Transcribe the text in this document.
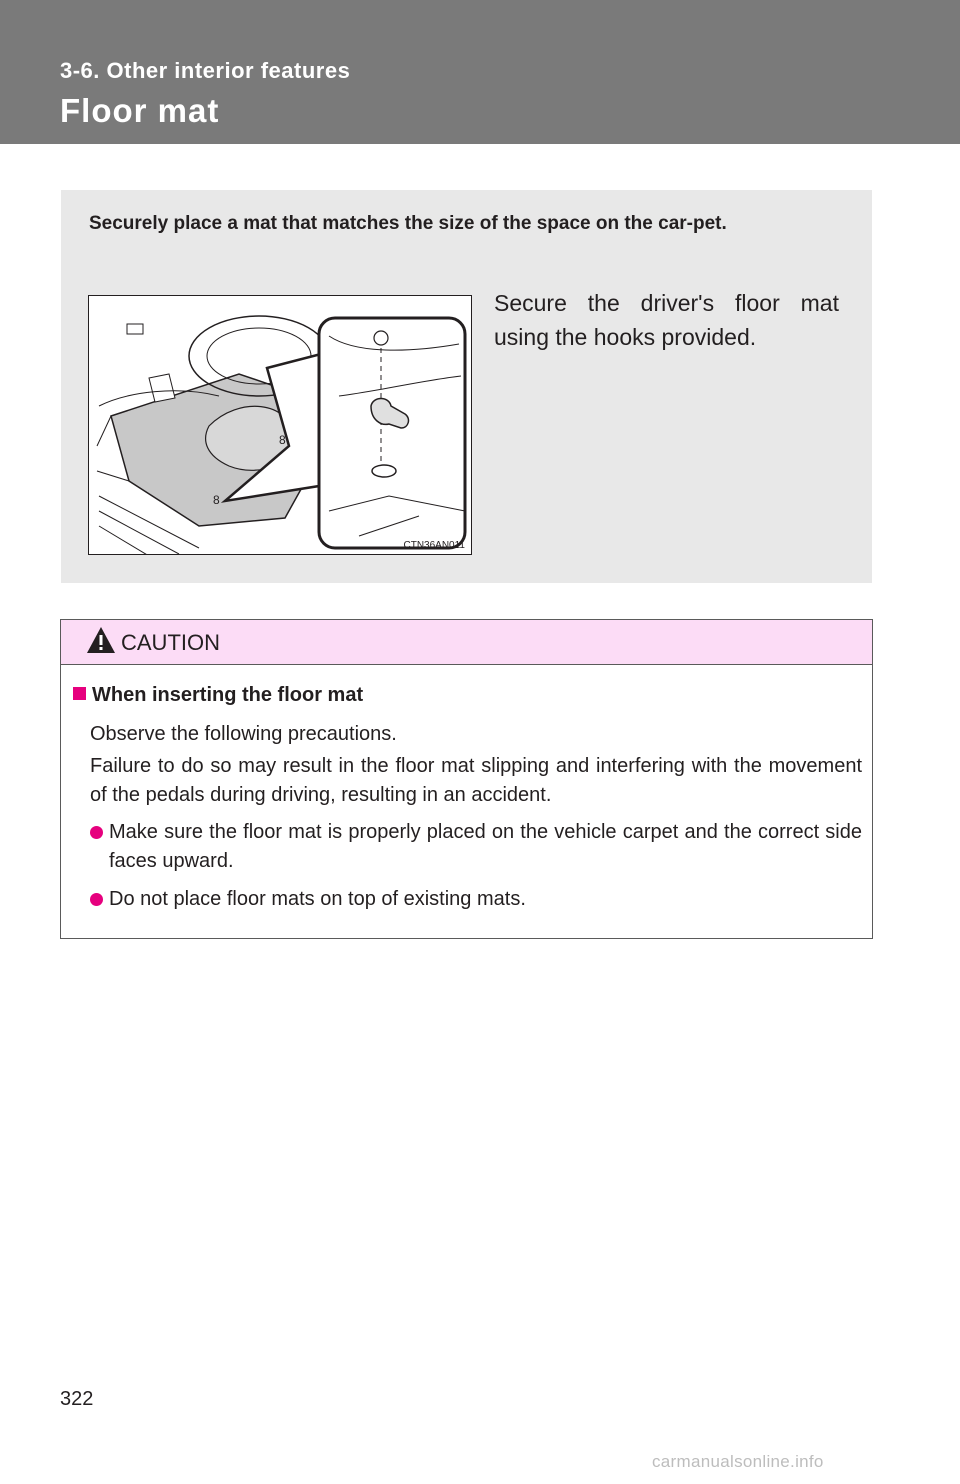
3-6. Other interior features
Floor mat
Securely place a mat that matches the size of the space on the car-pet.
8
8
CTN36AN011
Secure the driver's floor mat using the hooks provided.
CAUTION
When inserting the floor mat
Observe the following precautions.
Failure to do so may result in the floor mat slipping and interfering with the movement of the pedals during driving, resulting in an accident.
Make sure the floor mat is properly placed on the vehicle carpet and the correct side faces upward.
Do not place floor mats on top of existing mats.
322
carmanualsonline.info
